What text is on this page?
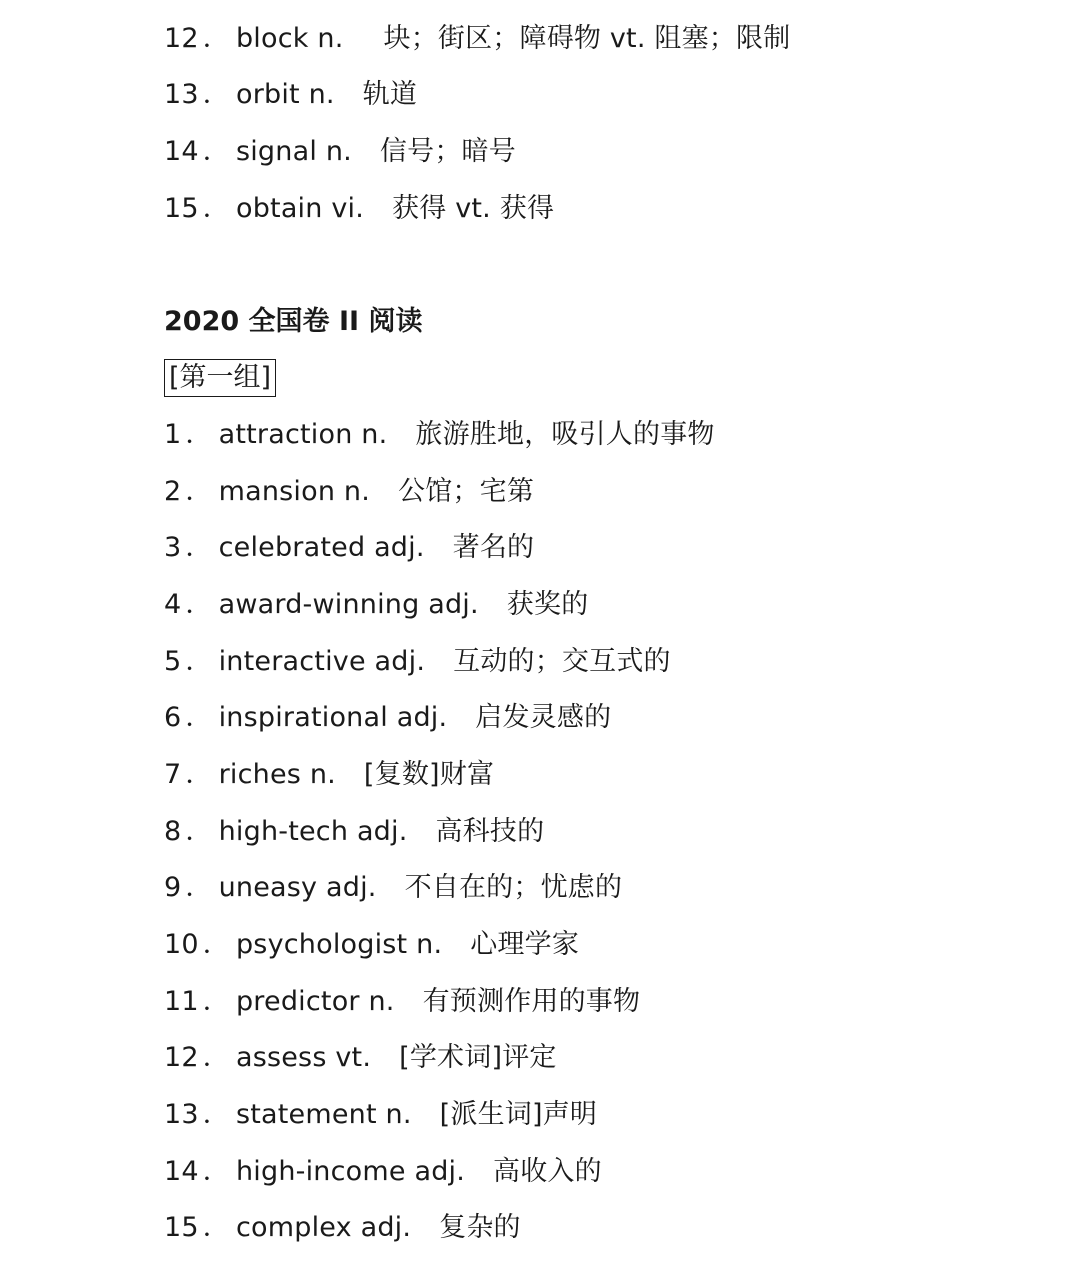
12 ． block n. 块；街区；障碍物 vt. 阻塞；限制
13 ． orbit n. 轨道
14 ． signal n. 信号；暗号
15 ． obtain vi. 获得 vt. 获得
2020 全国卷 II 阅读
[第一组]
1 ． attraction n. 旅游胜地，吸引人的事物
2 ． mansion n. 公馆；宅第
3 ． celebrated adj. 著名的
4 ． award-winning adj. 获奖的
5 ． interactive adj. 互动的；交互式的
6 ． inspirational adj. 启发灵感的
7 ． riches n. [复数]财富
8 ． high-tech adj. 高科技的
9 ． uneasy adj. 不自在的；忧虑的
10 ． psychologist n. 心理学家
11 ． predictor n. 有预测作用的事物
12 ． assess vt. [学术词]评定
13 ． statement n. [派生词]声明
14 ． high-income adj. 高收入的
15 ． complex adj. 复杂的
